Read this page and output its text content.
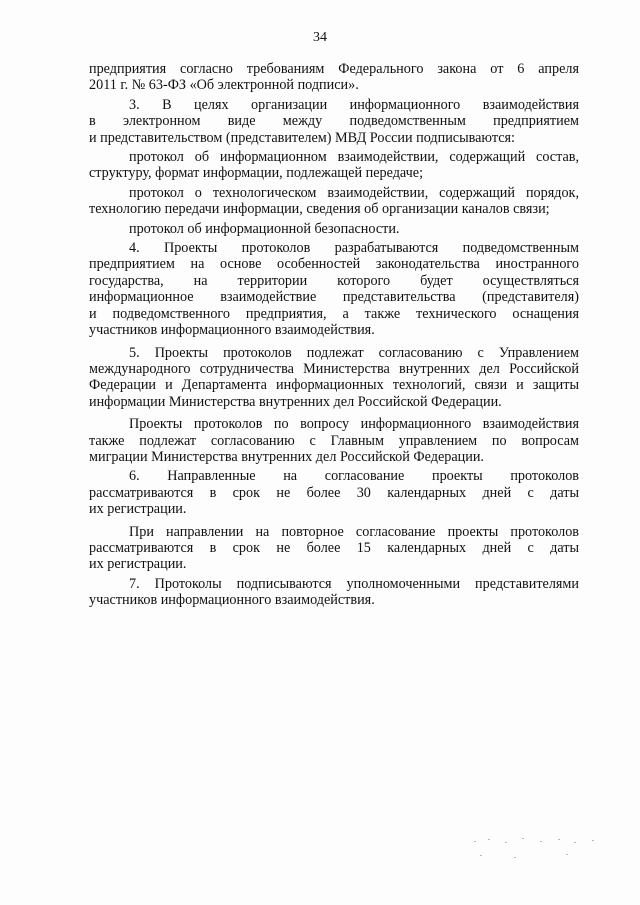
34
предприятия согласно требованиям Федерального закона от 6 апреля
2011 г. № 63-ФЗ «Об электронной подписи».
3. В целях организации информационного взаимодействия
в электронном виде между подведомственным предприятием
и представительством (представителем) МВД России подписываются:
протокол об информационном взаимодействии, содержащий состав,
структуру, формат информации, подлежащей передаче;
протокол о технологическом взаимодействии, содержащий порядок,
технологию передачи информации, сведения об организации каналов связи;
протокол об информационной безопасности.
4. Проекты протоколов разрабатываются подведомственным
предприятием на основе особенностей законодательства иностранного
государства, на территории которого будет осуществляться
информационное взаимодействие представительства (представителя)
и подведомственного предприятия, а также технического оснащения
участников информационного взаимодействия.
5. Проекты протоколов подлежат согласованию с Управлением
международного сотрудничества Министерства внутренних дел Российской
Федерации и Департамента информационных технологий, связи и защиты
информации Министерства внутренних дел Российской Федерации.
Проекты протоколов по вопросу информационного взаимодействия
также подлежат согласованию с Главным управлением по вопросам
миграции Министерства внутренних дел Российской Федерации.
6. Направленные на согласование проекты протоколов
рассматриваются в срок не более 30 календарных дней с даты
их регистрации.
При направлении на повторное согласование проекты протоколов
рассматриваются в срок не более 15 календарных дней с даты
их регистрации.
7. Протоколы подписываются уполномоченными представителями
участников информационного взаимодействия.
